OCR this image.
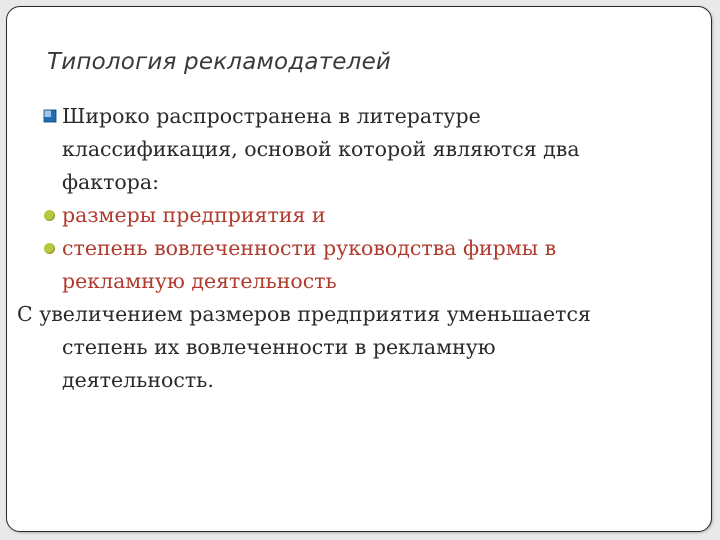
Типология рекламодателей
Широко распространена в литературе
классификация, основой которой являются два
фактора:
размеры предприятия и
степень вовлеченности руководства фирмы в
рекламную деятельность
С увеличением размеров предприятия уменьшается
степень их вовлеченности в рекламную
деятельность.
